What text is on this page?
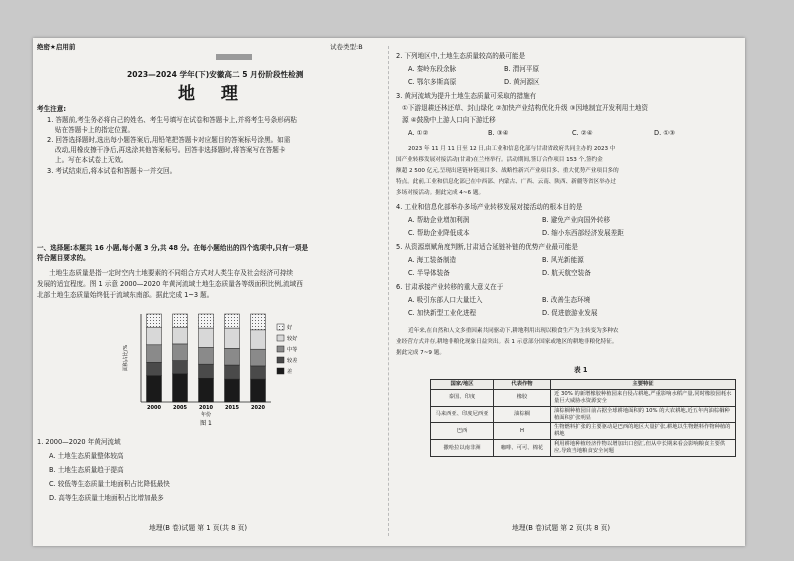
绝密★启用前
2023—2024 学年(下)安徽高二 5 月份阶段性检测
地 理
考生注意:
1. 答题前,考生务必将自己的姓名、考生号填写在试卷和答题卡上,并将考生号条形码粘
贴在答题卡上的指定位置。
2. 回答选择题时,选出每小题答案后,用铅笔把答题卡对应题目的答案标号涂黑。如需
改动,用橡皮擦干净后,再选涂其他答案标号。回答非选择题时,将答案写在答题卡
上。写在本试卷上无效。
3. 考试结束后,将本试卷和答题卡一并交回。
一、选择题:本题共 16 小题,每小题 3 分,共 48 分。在每小题给出的四个选项中,只有一项是
符合题目要求的。
土地生态质量是指一定时空内土地要素的不同组合方式对人类生存及社会经济可持续
发展的适宜程度。图 1 示意 2000—2020 年黄河流域土地生态质量各等级面积比例,流域西
北部土地生态质量始终低于流域东南部。据此完成 1~3 题。
面积占比/%
2000 2005 2010 2015 2020
年份
图 1
好
较好
中等
较差
差
1. 2000—2020 年黄河流域
A. 土地生态质量整体较高
B. 土地生态质量趋于提高
C. 较低等生态质量土地面积占比降低最快
D. 高等生态质量土地面积占比增加最多
地理(B 卷)试题 第 1 页(共 8 页)
试卷类型:B
2. 下列地区中,土地生态质量较高的最可能是
A. 秦岭东段余脉	B. 渭河平原
C. 鄂尔多斯高原	D. 黄河源区
3. 黄河流域为提升土地生态质量可采取的措施有
①下游退耕还林还草、封山绿化 ②加快产业结构优化升级 ③因地制宜开发利用土地资
源 ④鼓励中上游人口向下游迁移
A. ①②	B. ③④	C. ②④	D. ①③
2023 年 11 月 11 日至 12 日,由工业和信息化部与甘肃省政府共同主办的 2023 中
国产业转移发展对接活动(甘肃)在兰州举行。活动期间,签订合作项目 153 个,签约金
额超 2 500 亿元,呈现出延链补链项目多、战略性新兴产业项目多、重大优势产业项目多的
特点。此前,工业和信息化部已在中西部、内蒙古、广西、云南、陕西、新疆等省区举办过
多场对接活动。据此完成 4~6 题。
4. 工业和信息化部举办多场产业转移发展对接活动的根本目的是
A. 帮助企业增加利润	B. 避免产业向国外转移
C. 帮助企业降低成本	D. 缩小东西部经济发展差距
5. 从资源禀赋角度判断,甘肃适合延链补链的优势产业最可能是
A. 海工装备制造	B. 风光新能源
C. 半导体装备	D. 航天航空装备
6. 甘肃承接产业转移的重大意义在于
A. 吸引东部人口大量迁入	B. 改善生态环境
C. 加快新型工业化进程	D. 促进旅游业发展
近年来,在自然和人文多重因素共同驱动下,耕地利用出现以粮食生产为主转变为多种农
业经营方式并存,耕地非粮化现象日益突出。表 1 示意部分国家或地区的耕地非粮化特征。
据此完成 7~9 题。
表 1
国家/地区	代表作物	主要特征
泰国、印度	橡胶	近 30% 的新增橡胶种植园来自侵占耕地,严重影响水稻产量,同时橡胶园耗水量巨大威胁水资源安全
马来西亚、印度尼西亚	油棕榈	油棕榈种植园目前占据全球耕地面积的 10% 的大农耕地,近五年内油棕榈种植面积扩张明显
巴西	H	生物燃料扩张的主要驱动是巴西的地区大量扩张,耕地以生物燃料作物种植的耕地
撒哈拉以南非洲	咖啡、可可、棉花	利用耕地种植经济作物以增加出口创汇,但从中长期来看会影响粮食主要供应,导致当地粮食安全问题
地理(B 卷)试题 第 2 页(共 8 页)
